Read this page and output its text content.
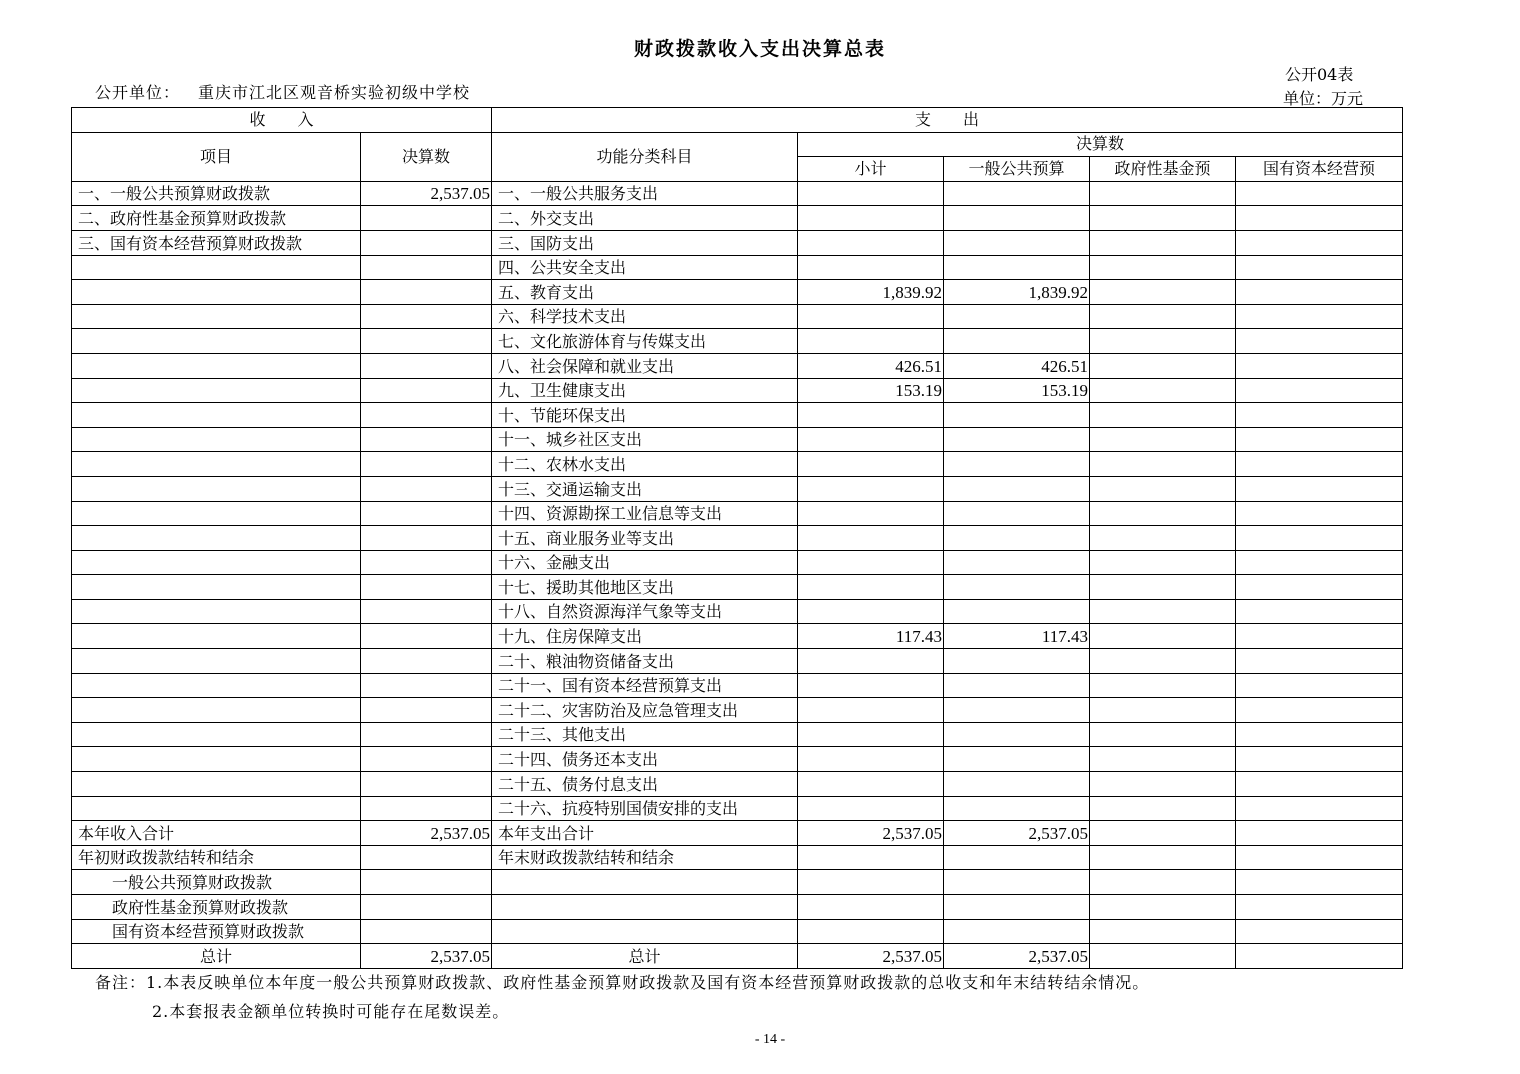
财政拨款收入支出决算总表
公开04表
单位：万元
公开单位： 重庆市江北区观音桥实验初级中学校
收　　入		支　　出				
项目	决算数	功能分类科目	决算数			
			小计	一般公共预算	政府性基金预	国有资本经营预
一、一般公共预算财政拨款	2,537.05	一、一般公共服务支出				
二、政府性基金预算财政拨款		二、外交支出				
三、国有资本经营预算财政拨款		三、国防支出				
		四、公共安全支出				
		五、教育支出	1,839.92	1,839.92		
		六、科学技术支出				
		七、文化旅游体育与传媒支出				
		八、社会保障和就业支出	426.51	426.51		
		九、卫生健康支出	153.19	153.19		
		十、节能环保支出				
		十一、城乡社区支出				
		十二、农林水支出				
		十三、交通运输支出				
		十四、资源勘探工业信息等支出				
		十五、商业服务业等支出				
		十六、金融支出				
		十七、援助其他地区支出				
		十八、自然资源海洋气象等支出				
		十九、住房保障支出	117.43	117.43		
		二十、粮油物资储备支出				
		二十一、国有资本经营预算支出				
		二十二、灾害防治及应急管理支出				
		二十三、其他支出				
		二十四、债务还本支出				
		二十五、债务付息支出				
		二十六、抗疫特别国债安排的支出				
本年收入合计	2,537.05	本年支出合计	2,537.05	2,537.05		
年初财政拨款结转和结余		年末财政拨款结转和结余				
一般公共预算财政拨款						
政府性基金预算财政拨款						
国有资本经营预算财政拨款						
总计	2,537.05	总计	2,537.05	2,537.05		
备注：1.本表反映单位本年度一般公共预算财政拨款、政府性基金预算财政拨款及国有资本经营预算财政拨款的总收支和年末结转结余情况。
2.本套报表金额单位转换时可能存在尾数误差。
- 14 -
